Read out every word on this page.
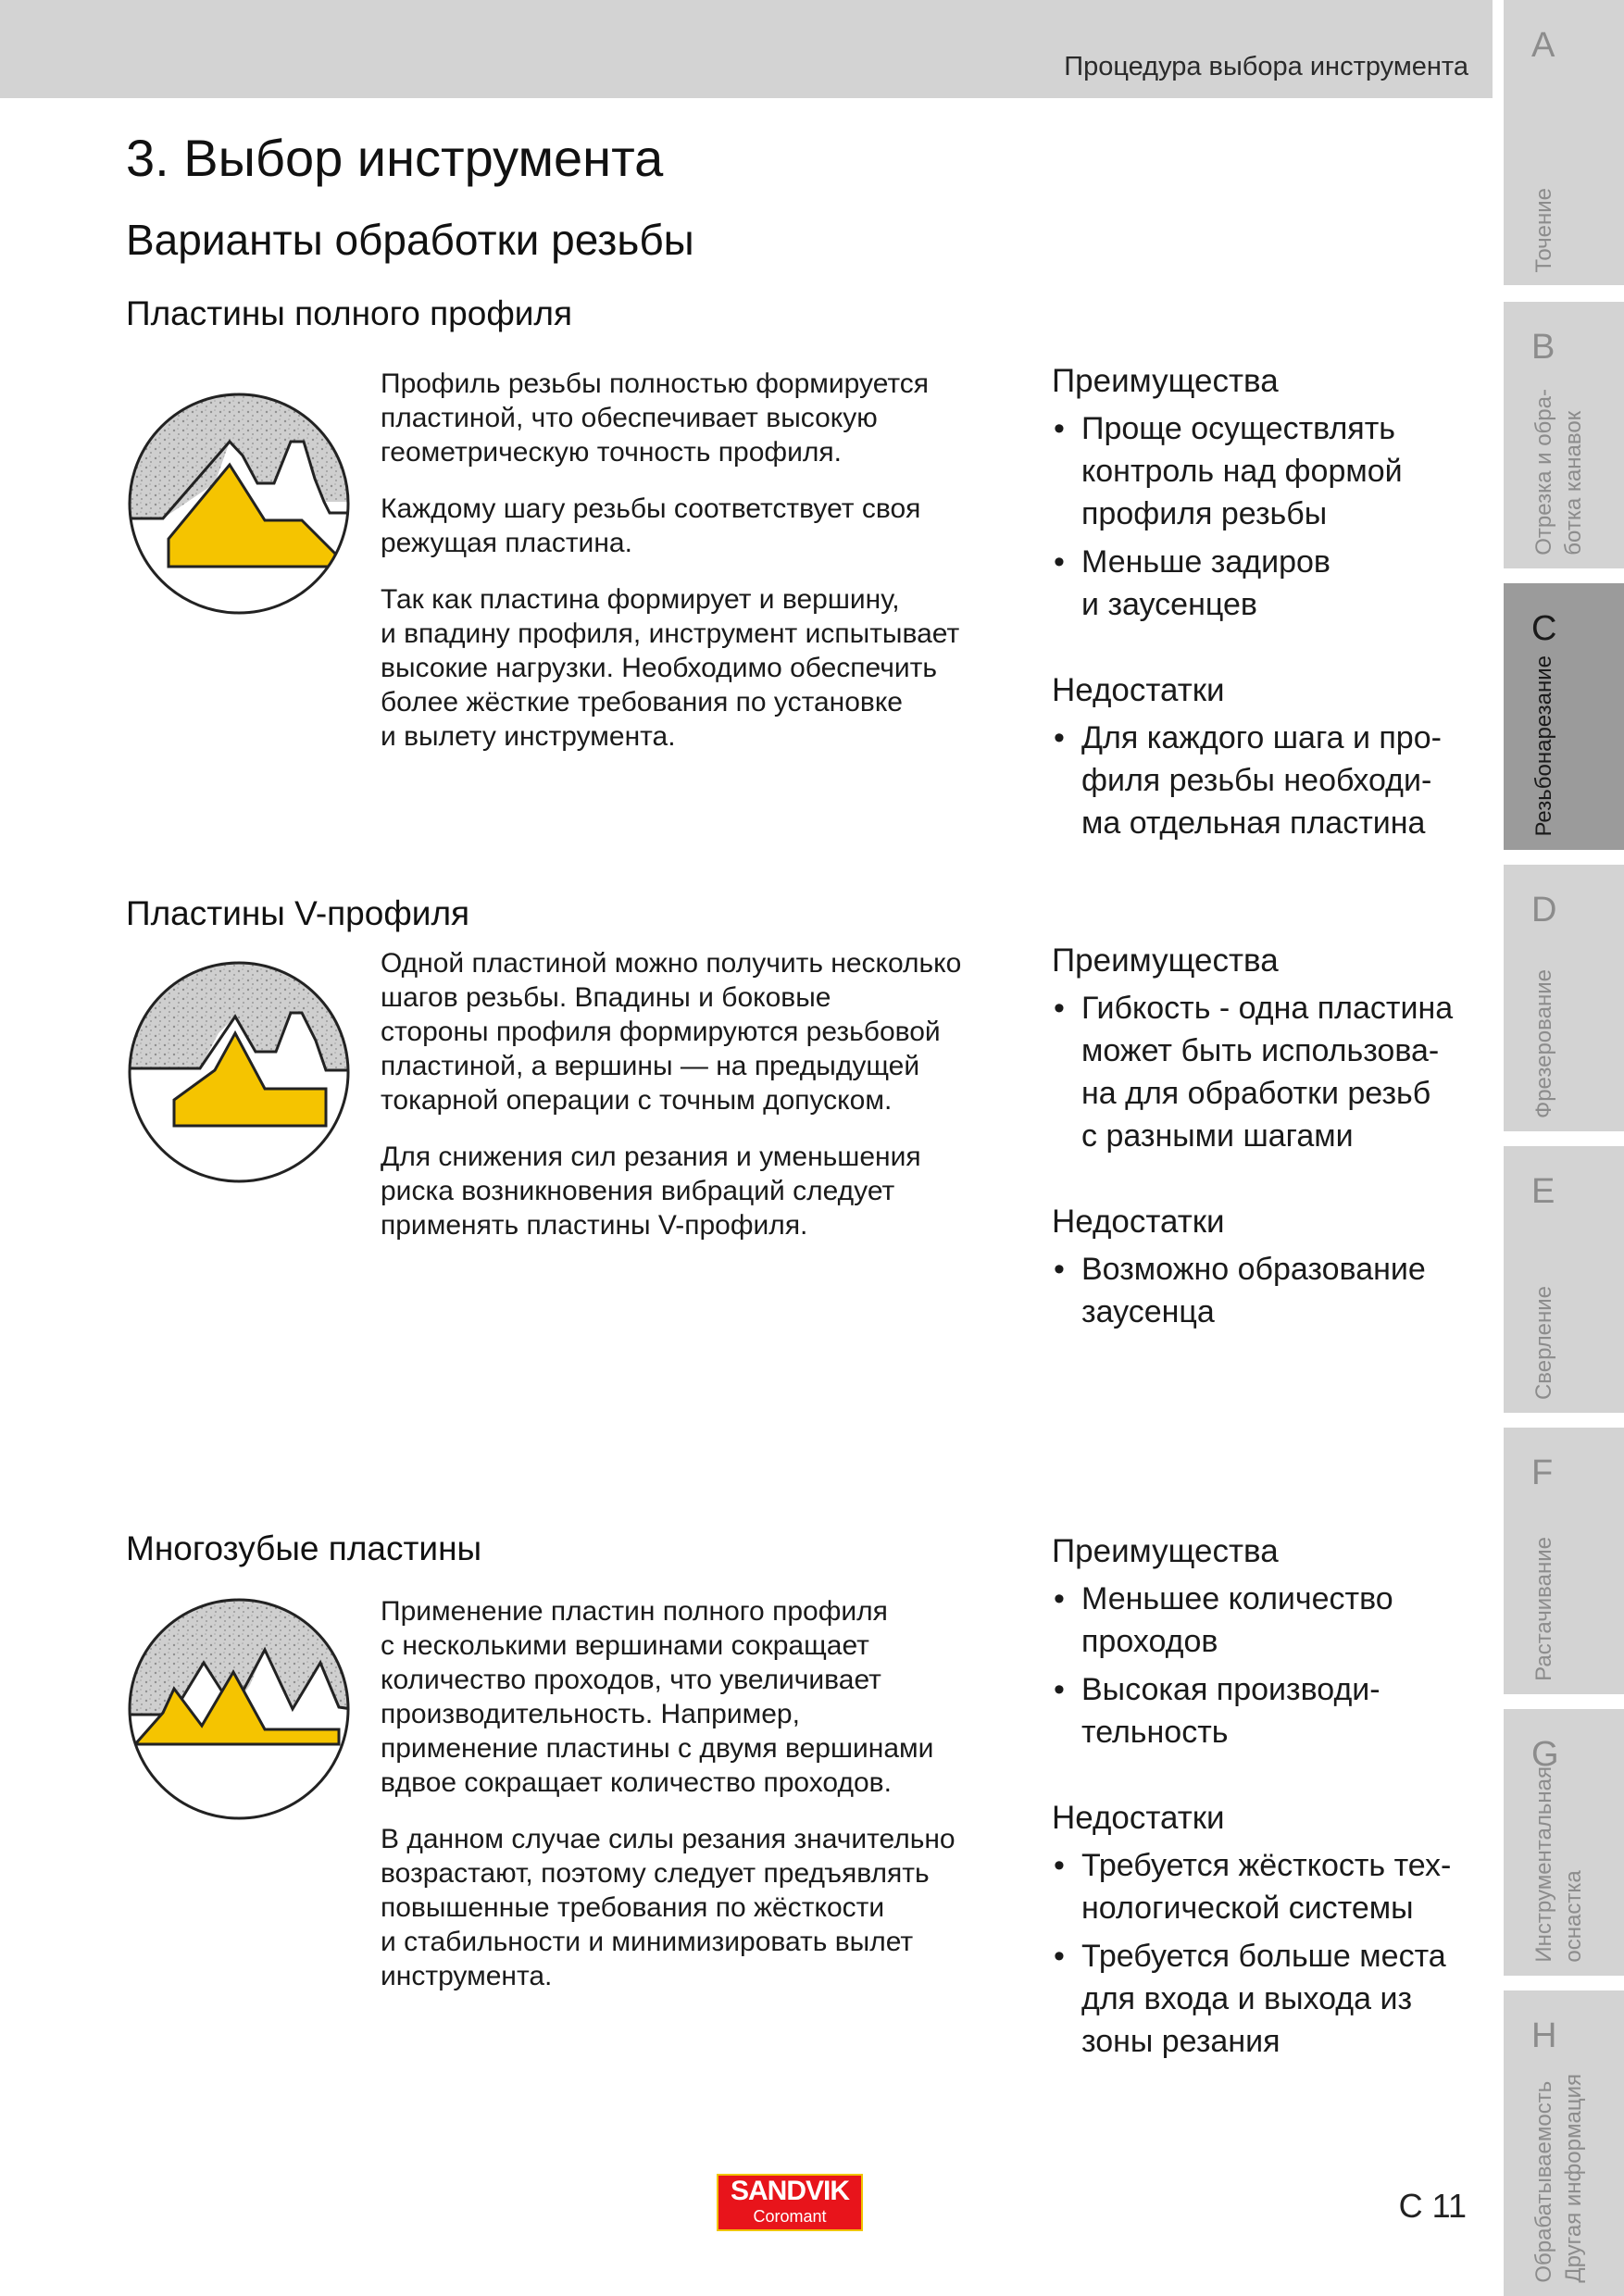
Процедура выбора инструмента
A
Точение
B
Отрезка и обра-
ботка канавок
C
Резьбонарезание
D
Фрезерование
E
Сверление
F
Растачивание
G
Инструментальная
оснастка
H
Обрабатываемость
Другая информация
3. Выбор инструмента
Варианты обработки резьбы
Пластины полного профиля

Профиль резьбы полностью формируется
пластиной, что обеспечивает высокую
геометрическую точность профиля.

Каждому шагу резьбы соответствует своя
режущая пластина.

Так как пластина формирует и вершину,
и впадину профиля, инструмент испытывает
высокие нагрузки. Необходимо обеспечить
более жёсткие требования по установке
и вылету инструмента.

Преимущества
• Проще осуществлять
контроль над формой
профиля резьбы
• Меньше задиров
и заусенцев
Недостатки
• Для каждого шага и про-
филя резьбы необходи-
ма отдельная пластина
Пластины V-профиля

Одной пластиной можно получить несколько
шагов резьбы. Впадины и боковые
стороны профиля формируются резьбовой
пластиной, а вершины — на предыдущей
токарной операции с точным допуском.

Для снижения сил резания и уменьшения
риска возникновения вибраций следует
применять пластины V-профиля.

Преимущества
• Гибкость - одна пластина
может быть использова-
на для обработки резьб
с разными шагами
Недостатки
• Возможно образование
заусенца
Многозубые пластины

Применение пластин полного профиля
с несколькими вершинами сокращает
количество проходов, что увеличивает
производительность. Например,
применение пластины с двумя вершинами
вдвое сокращает количество проходов.

В данном случае силы резания значительно
возрастают, поэтому следует предъявлять
повышенные требования по жёсткости
и стабильности и минимизировать вылет
инструмента.

Преимущества
• Меньшее количество
проходов
• Высокая производи-
тельность
Недостатки
• Требуется жёсткость тех-
нологической системы
• Требуется больше места
для входа и выхода из
зоны резания
SANDVIK
Coromant	C 11
